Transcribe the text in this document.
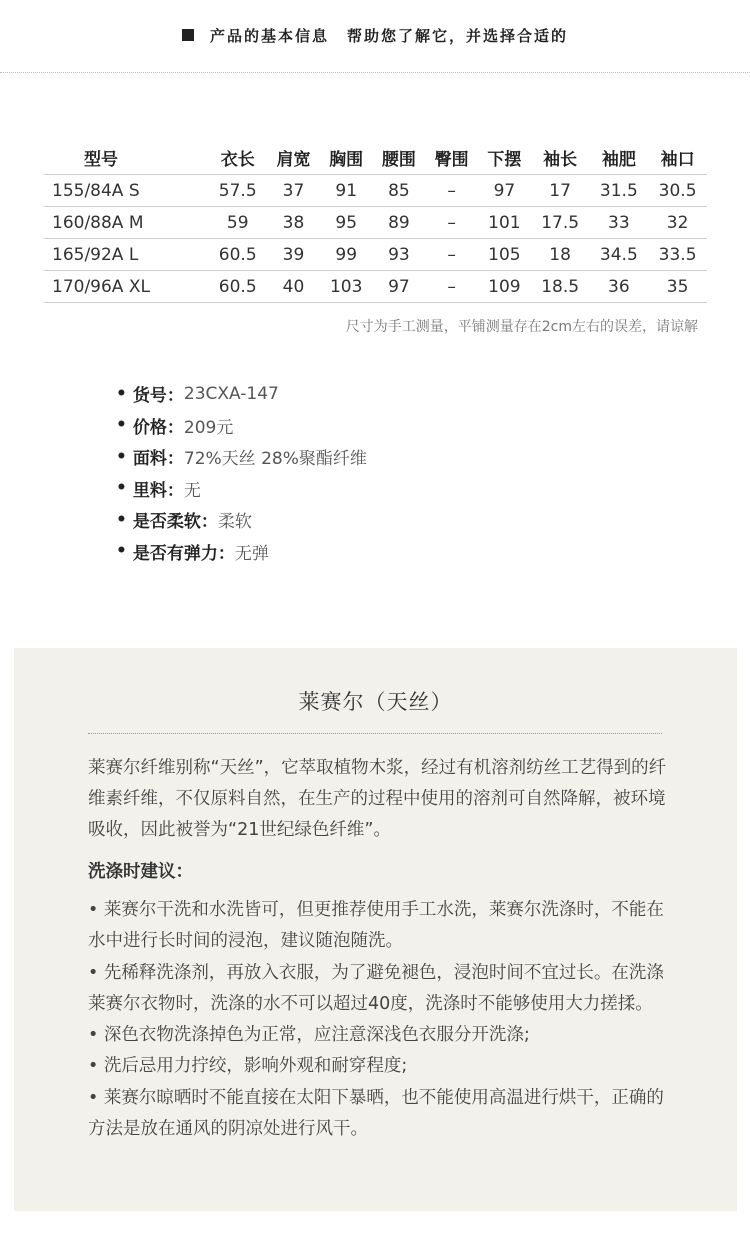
产品的基本信息 帮助您了解它，并选择合适的
型号	衣长	肩宽	胸围	腰围	臀围	下摆	袖长	袖肥	袖口
155/84A S	57.5	37	91	85	–	97	17	31.5	30.5
160/88A M	59	38	95	89	–	101	17.5	33	32
165/92A L	60.5	39	99	93	–	105	18	34.5	33.5
170/96A XL	60.5	40	103	97	–	109	18.5	36	35
尺寸为手工测量，平铺测量存在2cm左右的误差，请谅解
• 货号： 23CXA-147
• 价格： 209元
• 面料： 72%天丝 28%聚酯纤维
• 里料： 无
• 是否柔软： 柔软
• 是否有弹力： 无弹
莱赛尔（天丝）
莱赛尔纤维别称“天丝”，它萃取植物木浆，经过有机溶剂纺丝工艺得到的纤维素纤维，不仅原料自然，在生产的过程中使用的溶剂可自然降解，被环境吸收，因此被誉为“21世纪绿色纤维”。
洗涤时建议：

• 莱赛尔干洗和水洗皆可，但更推荐使用手工水洗，莱赛尔洗涤时，不能在水中进行长时间的浸泡，建议随泡随洗。

• 先稀释洗涤剂，再放入衣服，为了避免褪色，浸泡时间不宜过长。在洗涤莱赛尔衣物时，洗涤的水不可以超过40度，洗涤时不能够使用大力搓揉。

• 深色衣物洗涤掉色为正常，应注意深浅色衣服分开洗涤;

• 洗后忌用力拧绞，影响外观和耐穿程度;

• 莱赛尔晾晒时不能直接在太阳下暴晒，也不能使用高温进行烘干，正确的方法是放在通风的阴凉处进行风干。
